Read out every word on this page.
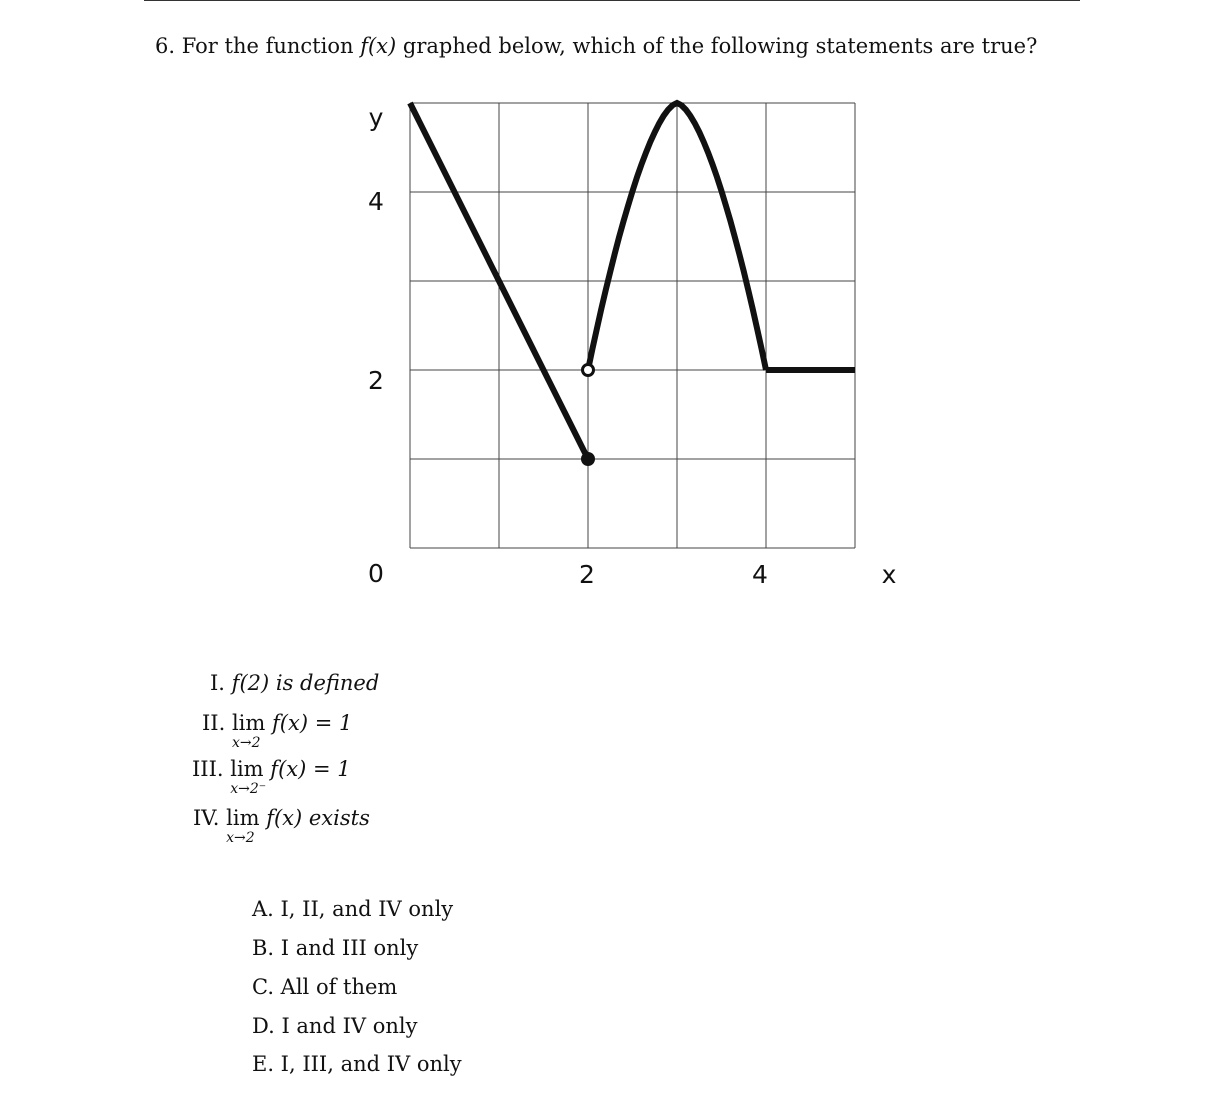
6. For the function f(x) graphed below, which of the following statements are true?
y
4
2
0	2	4	x
I. f(2) is defined
II. lim
x→2
f(x) = 1
III. lim
x→2⁻
f(x) = 1
IV. lim
x→2
f(x) exists
A. I, II, and IV only
B. I and III only
C. All of them
D. I and IV only
E. I, III, and IV only
